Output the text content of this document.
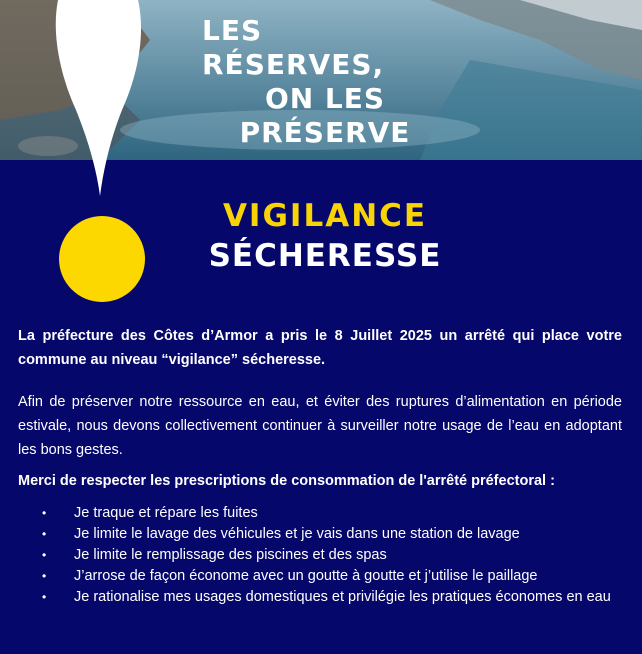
LES RÉSERVES,
ON LES
PRÉSERVE
VIGILANCE
SÉCHERESSE

La préfecture des Côtes d’Armor a pris le 8 Juillet 2025 un arrêté qui place votre commune au niveau “vigilance” sécheresse.

Afin de préserver notre ressource en eau, et éviter des ruptures d’alimentation en période estivale, nous devons collectivement continuer à surveiller notre usage de l’eau en adoptant les bons gestes.

Merci de respecter les prescriptions de consommation de l'arrêté préfectoral :

• Je traque et répare les fuites
• Je limite le lavage des véhicules et je vais dans une station de lavage
• Je limite le remplissage des piscines et des spas
• J’arrose de façon économe avec un goutte à goutte et j’utilise le paillage
• Je rationalise mes usages domestiques et privilégie les pratiques économes en eau
